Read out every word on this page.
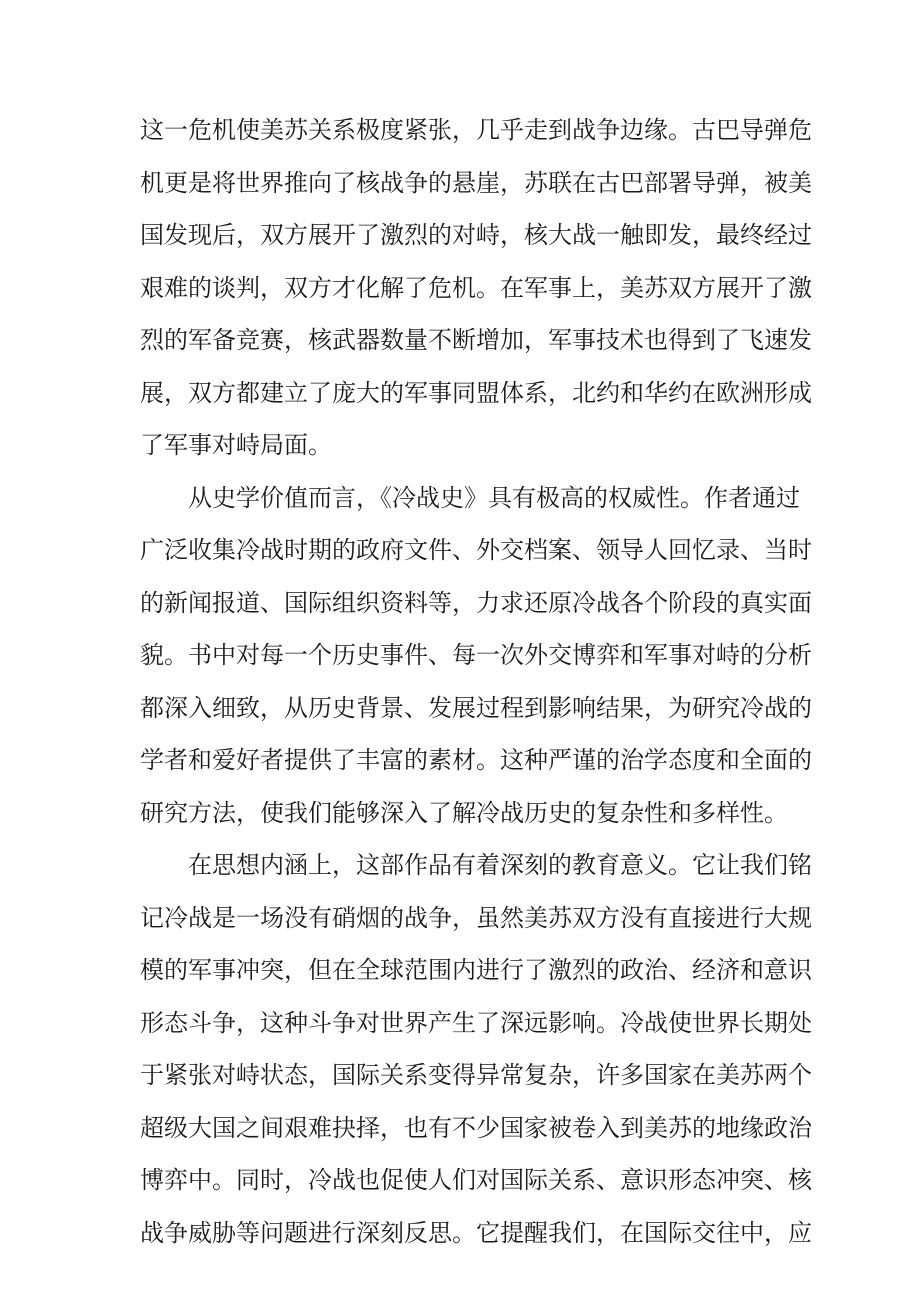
这一危机使美苏关系极度紧张，几乎走到战争边缘。古巴导弹危
机更是将世界推向了核战争的悬崖，苏联在古巴部署导弹，被美
国发现后，双方展开了激烈的对峙，核大战一触即发，最终经过
艰难的谈判，双方才化解了危机。在军事上，美苏双方展开了激
烈的军备竞赛，核武器数量不断增加，军事技术也得到了飞速发
展，双方都建立了庞大的军事同盟体系，北约和华约在欧洲形成
了军事对峙局面。
从史学价值而言，《冷战史》具有极高的权威性。作者通过
广泛收集冷战时期的政府文件、外交档案、领导人回忆录、当时
的新闻报道、国际组织资料等，力求还原冷战各个阶段的真实面
貌。书中对每一个历史事件、每一次外交博弈和军事对峙的分析
都深入细致，从历史背景、发展过程到影响结果，为研究冷战的
学者和爱好者提供了丰富的素材。这种严谨的治学态度和全面的
研究方法，使我们能够深入了解冷战历史的复杂性和多样性。
在思想内涵上，这部作品有着深刻的教育意义。它让我们铭
记冷战是一场没有硝烟的战争，虽然美苏双方没有直接进行大规
模的军事冲突，但在全球范围内进行了激烈的政治、经济和意识
形态斗争，这种斗争对世界产生了深远影响。冷战使世界长期处
于紧张对峙状态，国际关系变得异常复杂，许多国家在美苏两个
超级大国之间艰难抉择，也有不少国家被卷入到美苏的地缘政治
博弈中。同时，冷战也促使人们对国际关系、意识形态冲突、核
战争威胁等问题进行深刻反思。它提醒我们，在国际交往中，应
